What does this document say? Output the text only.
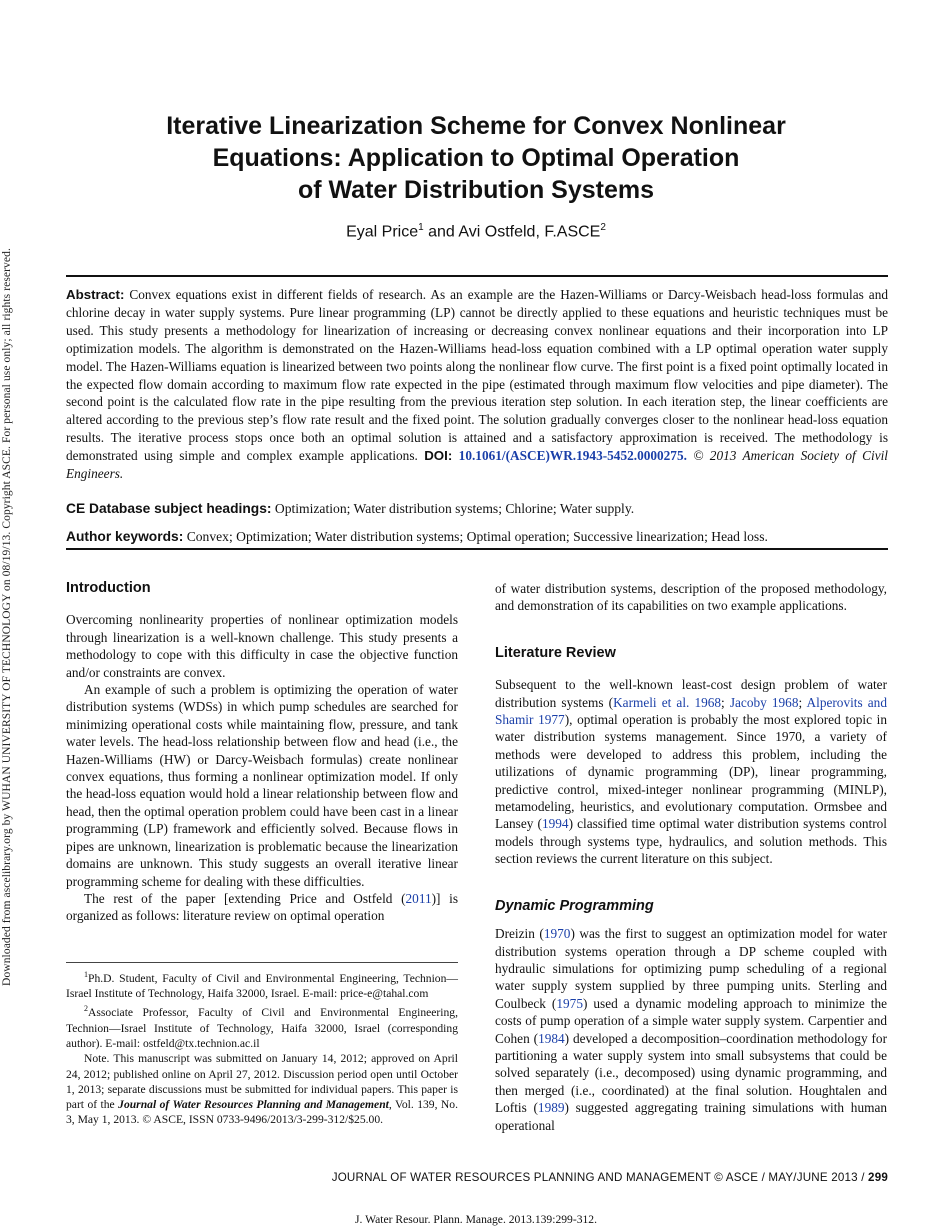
Downloaded from ascelibrary.org by WUHAN UNIVERSITY OF TECHNOLOGY on 08/19/13. Copyright ASCE. For personal use only; all rights reserved.
Iterative Linearization Scheme for Convex Nonlinear
Equations: Application to Optimal Operation
of Water Distribution Systems
Eyal Price$^1$ and Avi Ostfeld, F.ASCE$^2$
Abstract: Convex equations exist in different fields of research. As an example are the Hazen-Williams or Darcy-Weisbach head-loss formulas and chlorine decay in water supply systems. Pure linear programming (LP) cannot be directly applied to these equations and heuristic techniques must be used. This study presents a methodology for linearization of increasing or decreasing convex nonlinear equations and their incorporation into LP optimization models. The algorithm is demonstrated on the Hazen-Williams head-loss equation combined with a LP optimal operation water supply model. The Hazen-Williams equation is linearized between two points along the nonlinear flow curve. The first point is a fixed point optimally located in the expected flow domain according to maximum flow rate expected in the pipe (estimated through maximum flow velocities and pipe diameter). The second point is the calculated flow rate in the pipe resulting from the previous iteration step solution. In each iteration step, the linear coefficients are altered according to the previous step’s flow rate result and the fixed point. The solution gradually converges closer to the nonlinear head-loss equation results. The iterative process stops once both an optimal solution is attained and a satisfactory approximation is received. The methodology is demonstrated using simple and complex example applications. DOI: 10.1061/(ASCE)WR.1943-5452.0000275. © 2013 American Society of Civil Engineers.
CE Database subject headings: Optimization; Water distribution systems; Chlorine; Water supply.
Author keywords: Convex; Optimization; Water distribution systems; Optimal operation; Successive linearization; Head loss.
Introduction

Overcoming nonlinearity properties of nonlinear optimization models through linearization is a well-known challenge. This study presents a methodology to cope with this difficulty in case the objective function and/or constraints are convex.

An example of such a problem is optimizing the operation of water distribution systems (WDSs) in which pump schedules are searched for minimizing operational costs while maintaining flow, pressure, and tank water levels. The head-loss relationship between flow and head (i.e., the Hazen-Williams (HW) or Darcy-Weisbach formulas) create nonlinear convex equations, thus forming a nonlinear optimization model. If only the head-loss equation would hold a linear relationship between flow and head, then the optimal operation problem could have been cast in a linear programming (LP) framework and efficiently solved. Because flows in pipes are unknown, linearization is problematic because the linearization domains are unknown. This study suggests an overall iterative linear programming scheme for dealing with these difficulties.

The rest of the paper [extending Price and Ostfeld (2011)] is organized as follows: literature review on optimal operation

$^1$Ph.D. Student, Faculty of Civil and Environmental Engineering, Technion—Israel Institute of Technology, Haifa 32000, Israel. E-mail: price-e@tahal.com

$^2$Associate Professor, Faculty of Civil and Environmental Engineering, Technion—Israel Institute of Technology, Haifa 32000, Israel (corresponding author). E-mail: ostfeld@tx.technion.ac.il

Note. This manuscript was submitted on January 14, 2012; approved on April 24, 2012; published online on April 27, 2012. Discussion period open until October 1, 2013; separate discussions must be submitted for individual papers. This paper is part of the Journal of Water Resources Planning and Management, Vol. 139, No. 3, May 1, 2013. © ASCE, ISSN 0733-9496/2013/3-299-312/$25.00.

of water distribution systems, description of the proposed methodology, and demonstration of its capabilities on two example applications.

Literature Review

Subsequent to the well-known least-cost design problem of water distribution systems (Karmeli et al. 1968; Jacoby 1968; Alperovits and Shamir 1977), optimal operation is probably the most explored topic in water distribution systems management. Since 1970, a variety of methods were developed to address this problem, including the utilizations of dynamic programming (DP), linear programming, predictive control, mixed-integer nonlinear programming (MINLP), metamodeling, heuristics, and evolutionary computation. Ormsbee and Lansey (1994) classified time optimal water distribution systems control models through systems type, hydraulics, and solution methods. This section reviews the current literature on this subject.

Dynamic Programming

Dreizin (1970) was the first to suggest an optimization model for water distribution systems operation through a DP scheme coupled with hydraulic simulations for optimizing pump scheduling of a regional water supply system supplied by three pumping units. Sterling and Coulbeck (1975) used a dynamic modeling approach to minimize the costs of pump operation of a simple water supply system. Carpentier and Cohen (1984) developed a decomposition–coordination methodology for partitioning a water supply system into small subsystems that could be solved separately (i.e., decomposed) using dynamic programming, and then merged (i.e., coordinated) at the final solution. Houghtalen and Loftis (1989) suggested aggregating training simulations with human operational

JOURNAL OF WATER RESOURCES PLANNING AND MANAGEMENT © ASCE / MAY/JUNE 2013 / 299
J. Water Resour. Plann. Manage. 2013.139:299-312.
